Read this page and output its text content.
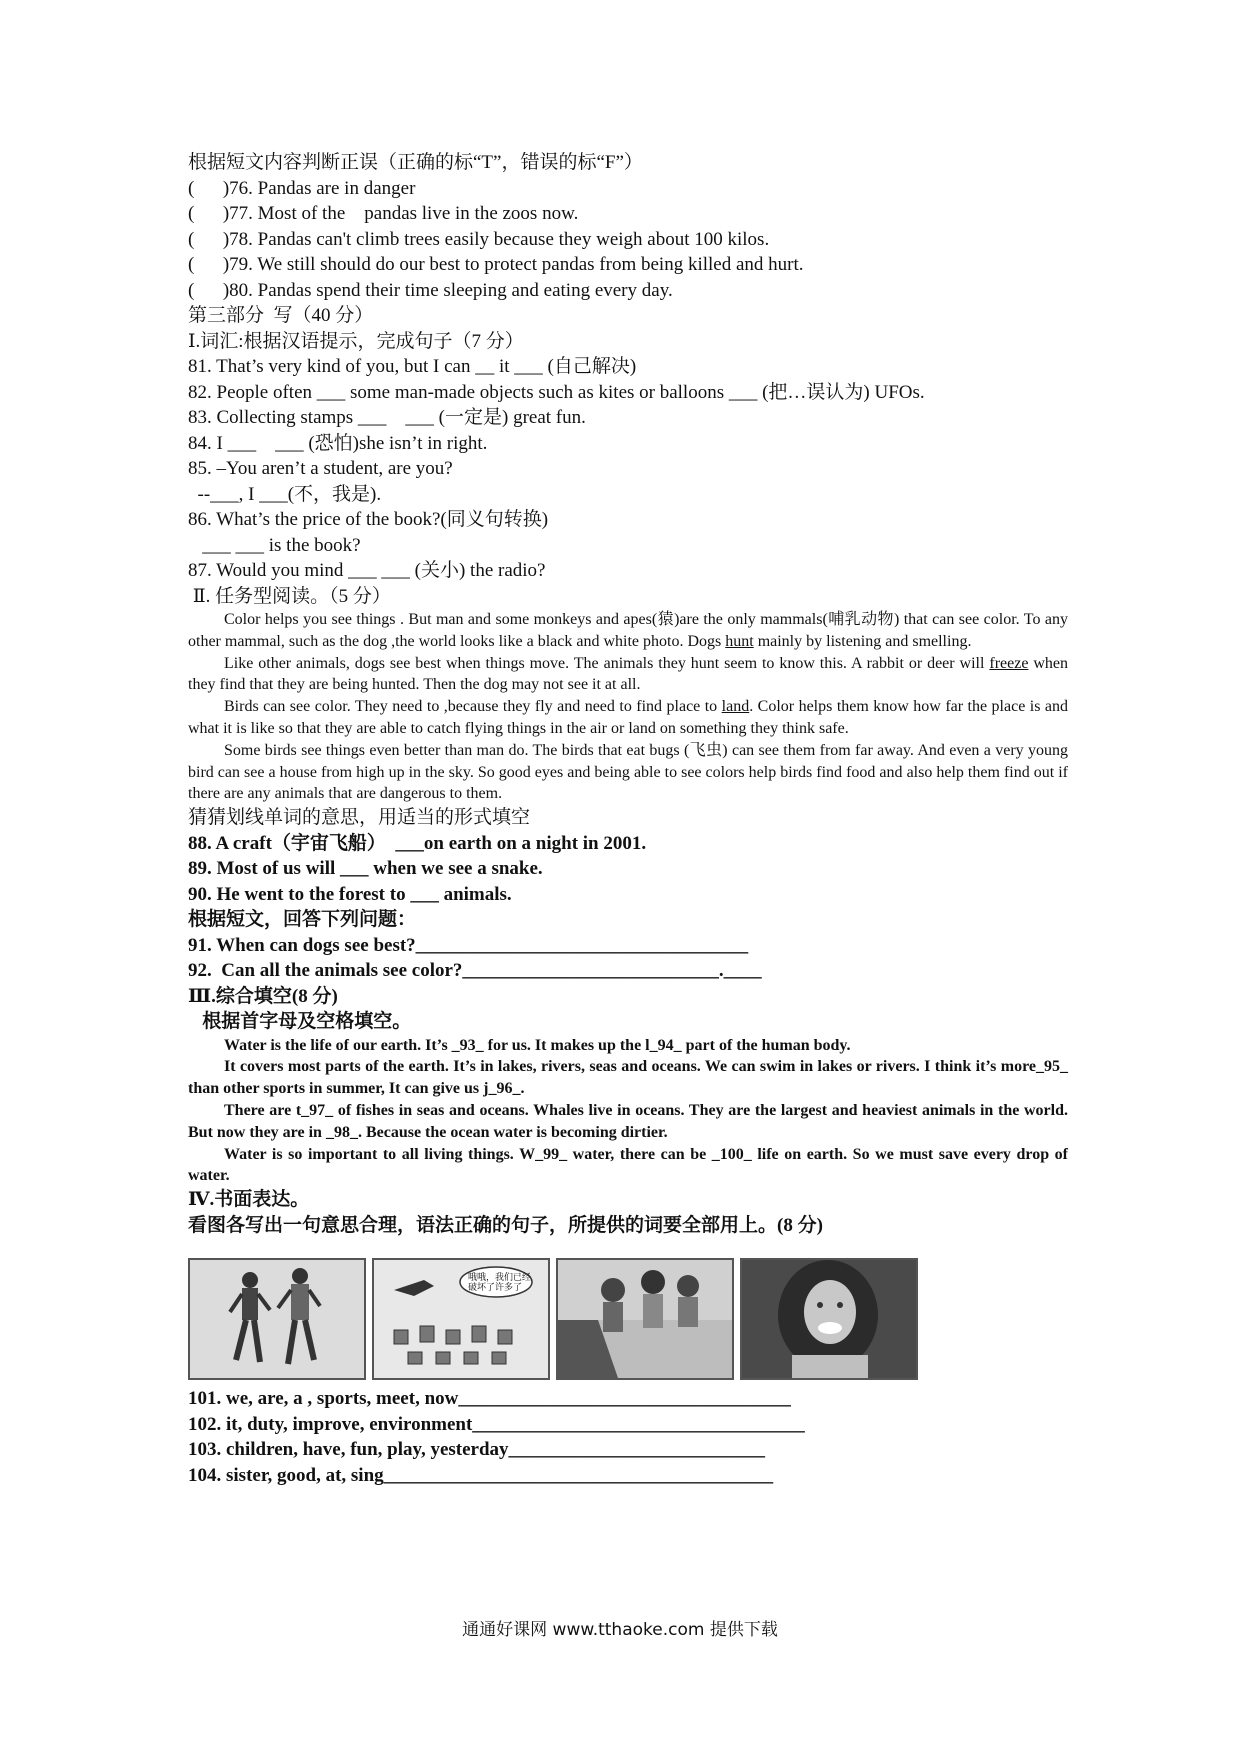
根据短文内容判断正误（正确的标“T”，错误的标“F”）
(      )76. Pandas are in danger
(      )77. Most of the    pandas live in the zoos now.
(      )78. Pandas can't climb trees easily because they weigh about 100 kilos.
(      )79. We still should do our best to protect pandas from being killed and hurt.
(      )80. Pandas spend their time sleeping and eating every day.
第三部分  写（40 分）
Ⅰ.词汇:根据汉语提示，完成句子（7 分）
81. That’s very kind of you, but I can __ it ___ (自己解决)
82. People often ___ some man-made objects such as kites or balloons ___ (把…误认为) UFOs.
83. Collecting stamps ___    ___ (一定是) great fun.
84. I ___    ___ (恐怕)she isn’t in right.
85. –You aren’t a student, are you?
--___, I ___(不，我是).
86. What’s the price of the book?(同义句转换)
___ ___ is the book?
87. Would you mind ___ ___ (关小) the radio?
Ⅱ. 任务型阅读。（5 分）
Color helps you see things . But man and some monkeys and apes(猿)are the only mammals(哺乳动物) that can see color. To any other mammal, such as the dog ,the world looks like a black and white photo. Dogs hunt mainly by listening and smelling.
Like other animals, dogs see best when things move. The animals they hunt seem to know this. A rabbit or deer will freeze when they find that they are being hunted. Then the dog may not see it at all.
Birds can see color. They need to ,because they fly and need to find place to land. Color helps them know how far the place is and what it is like so that they are able to catch flying things in the air or land on something they think safe.
Some birds see things even better than man do. The birds that eat bugs (飞虫) can see them from far away. And even a very young bird can see a house from high up in the sky. So good eyes and being able to see colors help birds find food and also help them find out if there are any animals that are dangerous to them.
猜猜划线单词的意思，用适当的形式填空
88. A craft（宇宙飞船）  ___on earth on a night in 2001.
89. Most of us will ___ when we see a snake.
90. He went to the forest to ___ animals.
根据短文，回答下列问题：
91. When can dogs see best?___________________________________
92.  Can all the animals see color?___________________________.____
Ⅲ.综合填空(8 分)
根据首字母及空格填空。
Water is the life of our earth. It’s _93_ for us. It makes up the l_94_ part of the human body.
It covers most parts of the earth. It’s in lakes, rivers, seas and oceans. We can swim in lakes or rivers. I think it’s more_95_ than other sports in summer, It can give us j_96_.
There are t_97_ of fishes in seas and oceans. Whales live in oceans. They are the largest and heaviest animals in the world. But now they are in _98_. Because the ocean water is becoming dirtier.
Water is so important to all living things. W_99_ water, there can be _100_ life on earth. So we must save every drop of water.
Ⅳ.书面表达。
看图各写出一句意思合理，语法正确的句子，所提供的词要全部用上。(8 分)
哦哦，我们已经
破坏了许多了
101. we, are, a , sports, meet, now___________________________________
102. it, duty, improve, environment___________________________________
103. children, have, fun, play, yesterday___________________________
104. sister, good, at, sing_________________________________________
通通好课网 www.tthaoke.com 提供下载
